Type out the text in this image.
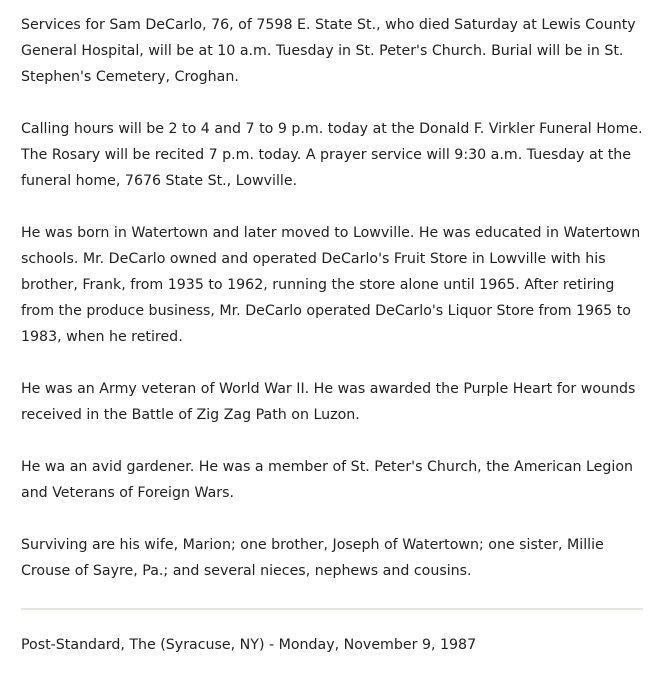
Services for Sam DeCarlo, 76, of 7598 E. State St., who died Saturday at Lewis County General Hospital, will be at 10 a.m. Tuesday in St. Peter's Church. Burial will be in St. Stephen's Cemetery, Croghan.

Calling hours will be 2 to 4 and 7 to 9 p.m. today at the Donald F. Virkler Funeral Home. The Rosary will be recited 7 p.m. today. A prayer service will 9:30 a.m. Tuesday at the funeral home, 7676 State St., Lowville.

He was born in Watertown and later moved to Lowville. He was educated in Watertown schools. Mr. DeCarlo owned and operated DeCarlo's Fruit Store in Lowville with his brother, Frank, from 1935 to 1962, running the store alone until 1965. After retiring from the produce business, Mr. DeCarlo operated DeCarlo's Liquor Store from 1965 to 1983, when he retired.

He was an Army veteran of World War II. He was awarded the Purple Heart for wounds received in the Battle of Zig Zag Path on Luzon.

He wa an avid gardener. He was a member of St. Peter's Church, the American Legion and Veterans of Foreign Wars.

Surviving are his wife, Marion; one brother, Joseph of Watertown; one sister, Millie Crouse of Sayre, Pa.; and several nieces, nephews and cousins.

Post-Standard, The (Syracuse, NY) - Monday, November 9, 1987
